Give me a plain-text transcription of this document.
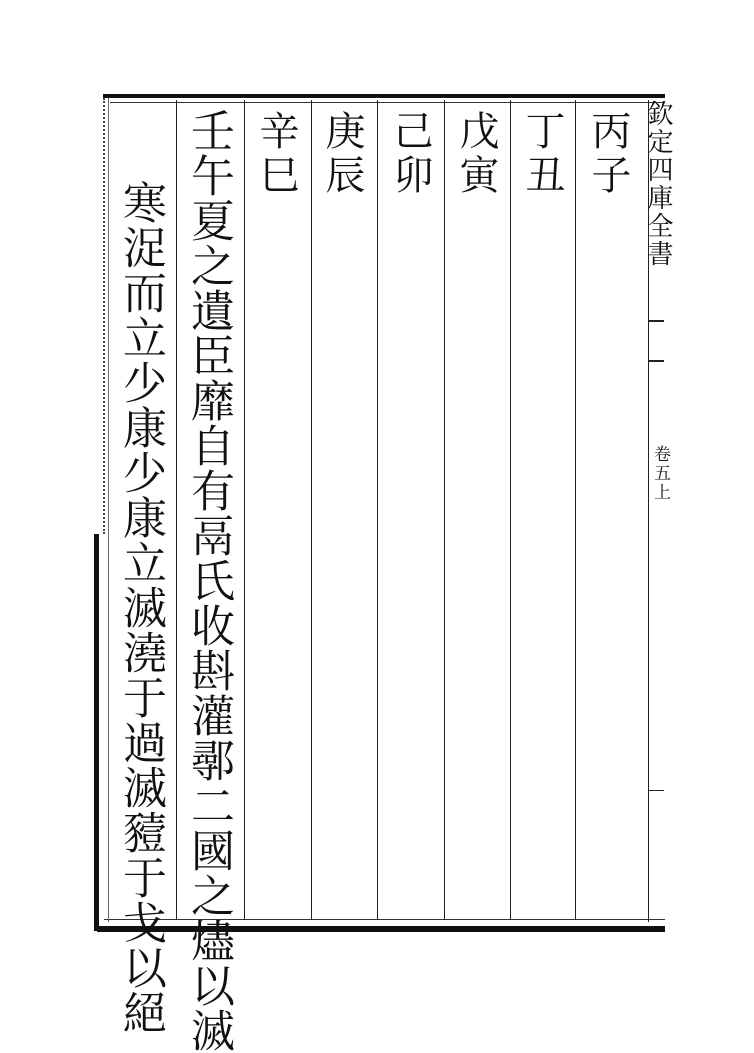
欽定四庫全書
卷五上
丙子
丁丑
戊寅
己卯
庚辰
辛巳
壬午夏之遺臣靡自有鬲氏收斟灌鄩二國之燼以滅
寒浞而立少康少康立滅澆于過滅豷于戈以絕
